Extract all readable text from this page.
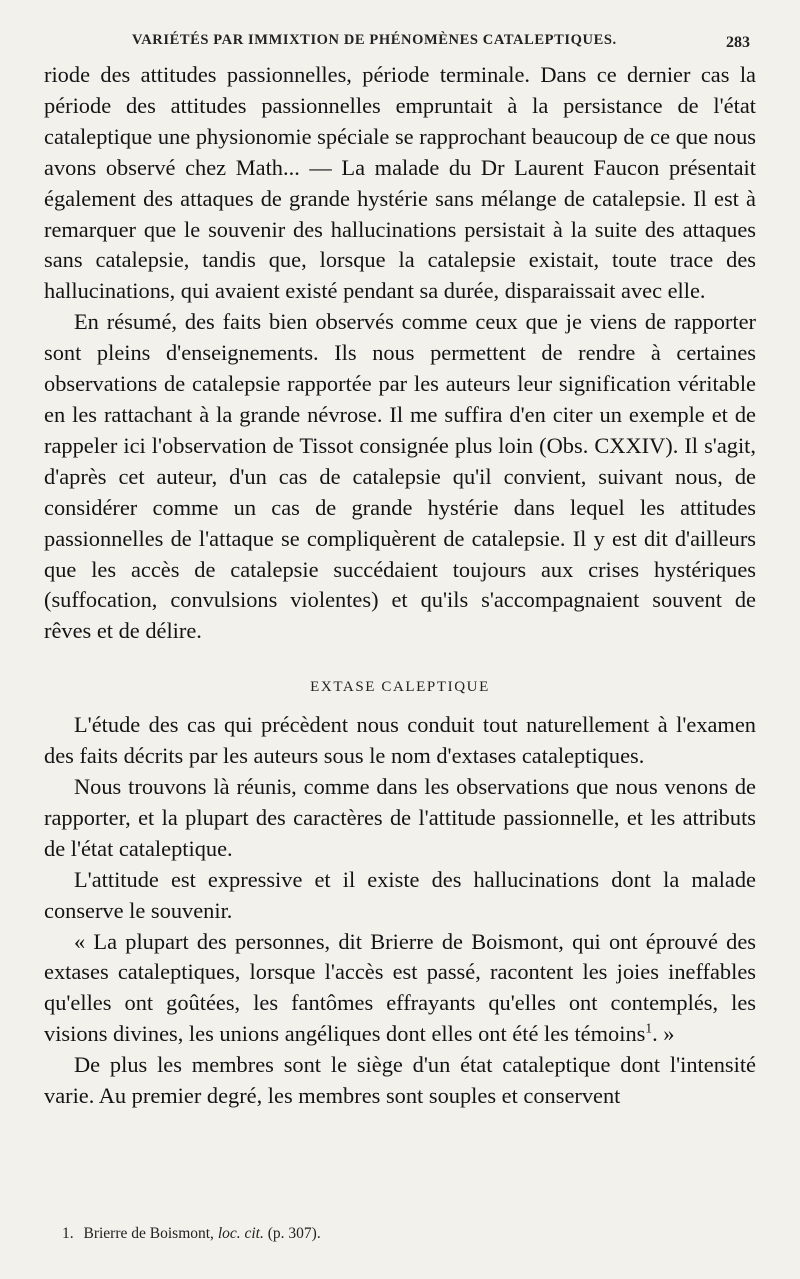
VARIÉTÉS PAR IMMIXTION DE PHÉNOMÈNES CATALEPTIQUES.	283

riode des attitudes passionnelles, période terminale. Dans ce dernier cas la période des attitudes passionnelles empruntait à la persistance de l'état cataleptique une physionomie spéciale se rapprochant beaucoup de ce que nous avons observé chez Math... — La malade du Dr Laurent Faucon présentait également des attaques de grande hystérie sans mélange de catalepsie. Il est à remarquer que le souvenir des hallucinations persistait à la suite des attaques sans catalepsie, tandis que, lorsque la catalepsie existait, toute trace des hallucinations, qui avaient existé pendant sa durée, disparaissait avec elle.

En résumé, des faits bien observés comme ceux que je viens de rapporter sont pleins d'enseignements. Ils nous permettent de rendre à certaines observations de catalepsie rapportée par les auteurs leur signification véritable en les rattachant à la grande névrose. Il me suffira d'en citer un exemple et de rappeler ici l'observation de Tissot consignée plus loin (Obs. CXXIV). Il s'agit, d'après cet auteur, d'un cas de catalepsie qu'il convient, suivant nous, de considérer comme un cas de grande hystérie dans lequel les attitudes passionnelles de l'attaque se compliquèrent de catalepsie. Il y est dit d'ailleurs que les accès de catalepsie succédaient toujours aux crises hystériques (suffocation, convulsions violentes) et qu'ils s'accompagnaient souvent de rêves et de délire.

EXTASE CALEPTIQUE

L'étude des cas qui précèdent nous conduit tout naturellement à l'examen des faits décrits par les auteurs sous le nom d'extases cataleptiques.

Nous trouvons là réunis, comme dans les observations que nous venons de rapporter, et la plupart des caractères de l'attitude passionnelle, et les attributs de l'état cataleptique.

L'attitude est expressive et il existe des hallucinations dont la malade conserve le souvenir.

« La plupart des personnes, dit Brierre de Boismont, qui ont éprouvé des extases cataleptiques, lorsque l'accès est passé, racontent les joies ineffables qu'elles ont goûtées, les fantômes effrayants qu'elles ont contemplés, les visions divines, les unions angéliques dont elles ont été les témoins$^1$. »

De plus les membres sont le siège d'un état cataleptique dont l'intensité varie. Au premier degré, les membres sont souples et conservent

1. Brierre de Boismont, loc. cit. (p. 307).
